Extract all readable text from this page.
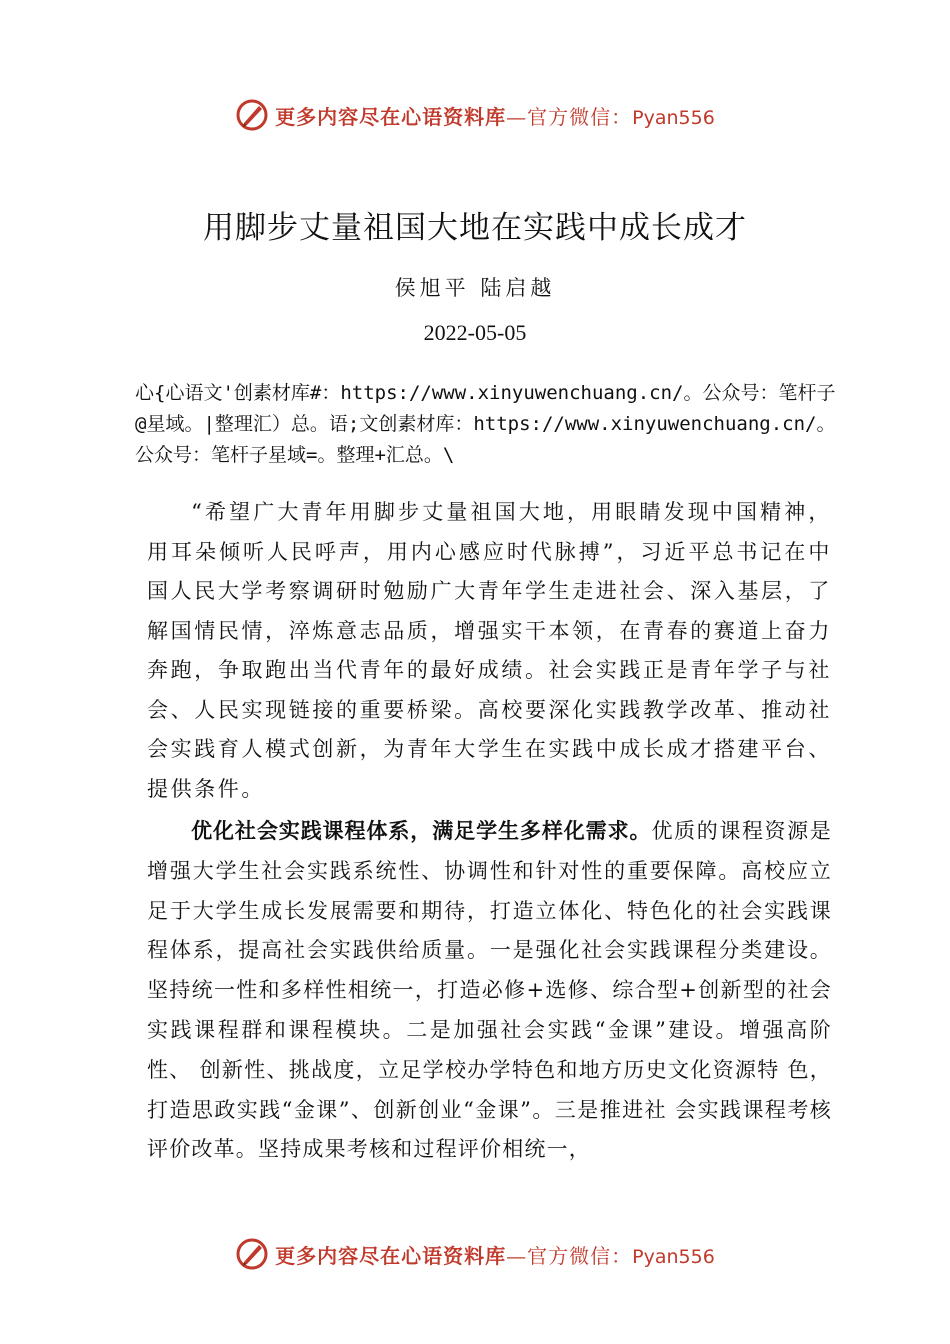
更多内容尽在心语资料库—官方微信：Pyan556
用脚步丈量祖国大地在实践中成长成才
侯旭平 陆启越
2022-05-05
心{心语文'创素材库#：https://www.xinyuwenchuang.cn/。公众号：笔杆子@星域。|整理汇）总。语;文创素材库：https://www.xinyuwenchuang.cn/。公众号：笔杆子星域=。整理+汇总。\
“希望广大青年用脚步丈量祖国大地，用眼睛发现中国精神，用耳朵倾听人民呼声，用内心感应时代脉搏”，习近平总书记在中国人民大学考察调研时勉励广大青年学生走进社会、深入基层，了解国情民情，淬炼意志品质，增强实干本领，在青春的赛道上奋力奔跑，争取跑出当代青年的最好成绩。社会实践正是青年学子与社会、人民实现链接的重要桥梁。高校要深化实践教学改革、推动社会实践育人模式创新，为青年大学生在实践中成长成才搭建平台、提供条件。
优化社会实践课程体系，满足学生多样化需求。优质的课程资源是增强大学生社会实践系统性、协调性和针对性的重要保障。高校应立足于大学生成长发展需要和期待，打造立体化、特色化的社会实践课程体系，提高社会实践供给质量。一是强化社会实践课程分类建设。坚持统一性和多样性相统一，打造必修+选修、综合型+创新型的社会实践课程群和课程模块。二是加强社会实践“金课”建设。增强高阶性、 创新性、挑战度，立足学校办学特色和地方历史文化资源特 色，打造思政实践“金课”、创新创业“金课”。三是推进社 会实践课程考核评价改革。坚持成果考核和过程评价相统一，
更多内容尽在心语资料库—官方微信：Pyan556
